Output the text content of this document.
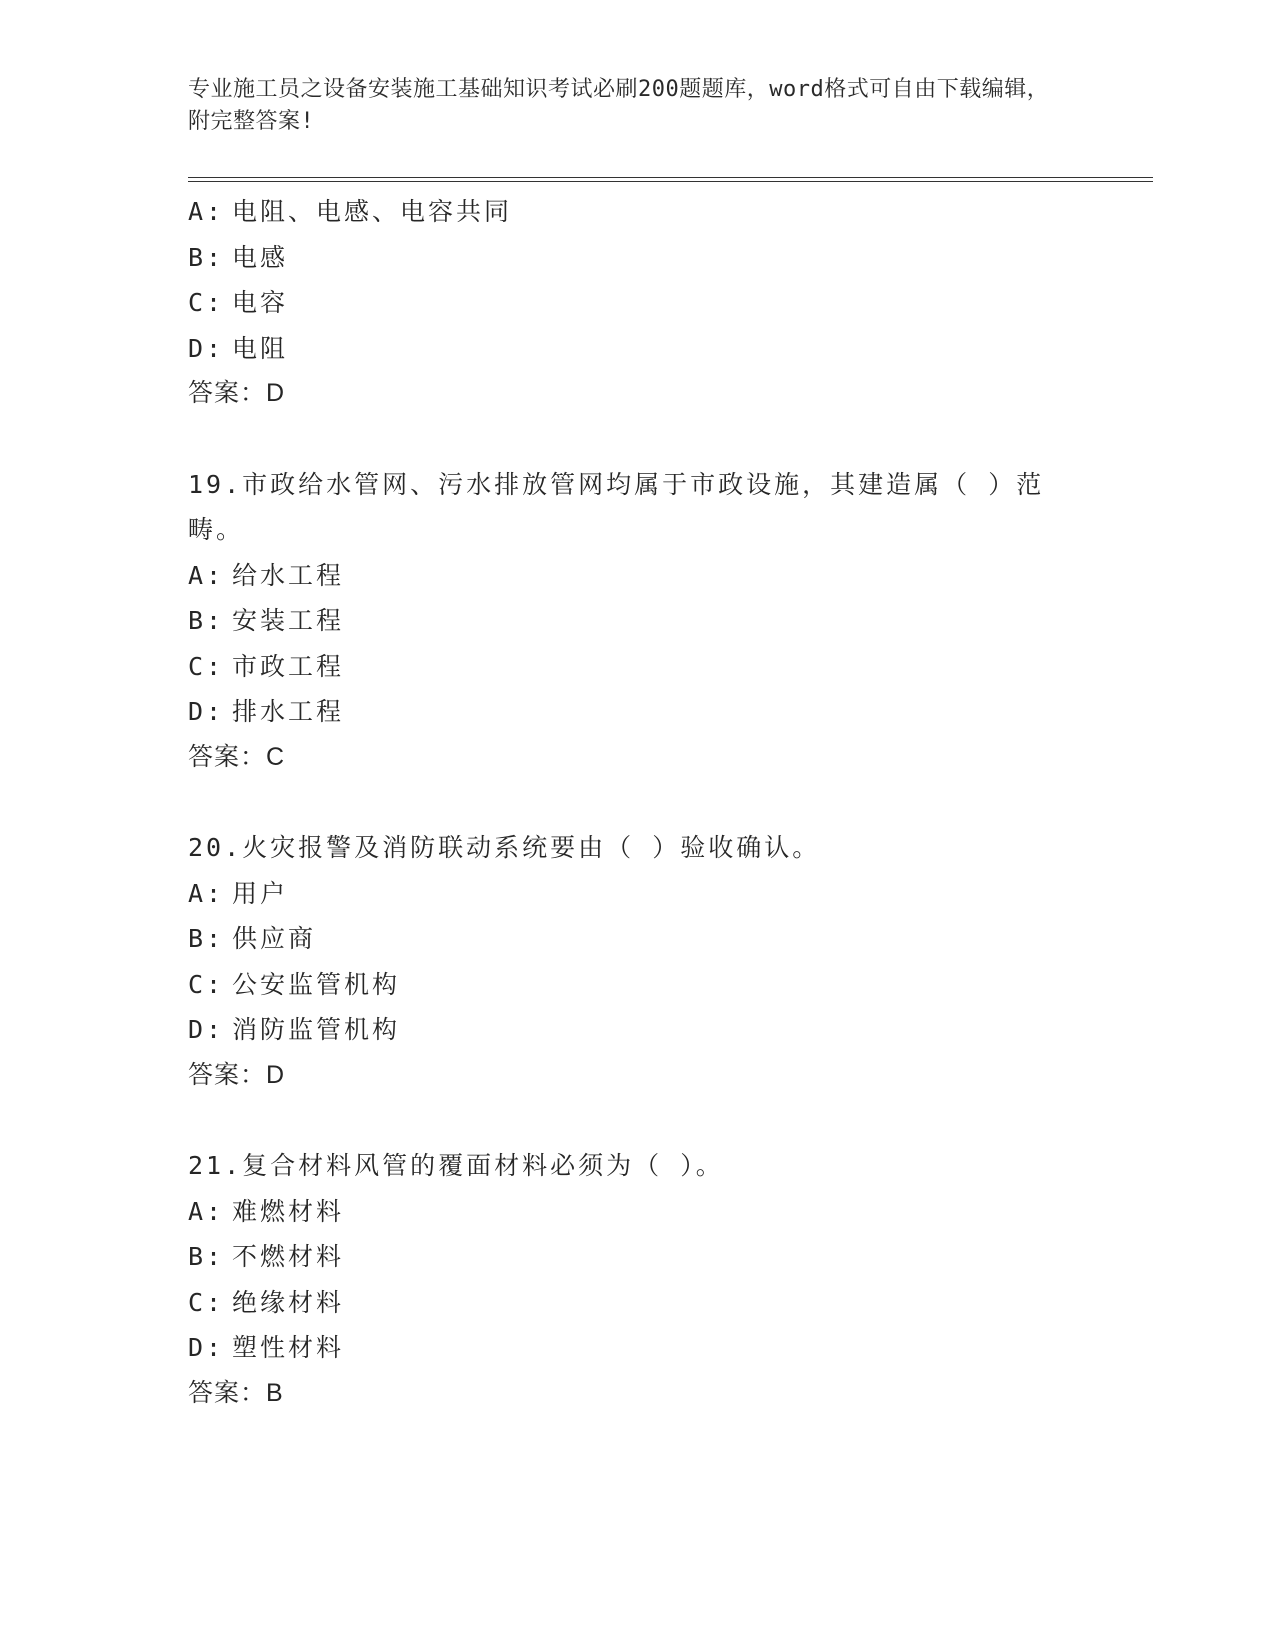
专业施工员之设备安装施工基础知识考试必刷200题题库，word格式可自由下载编辑，附完整答案!
A: 电阻、电感、电容共同
B: 电感
C: 电容
D: 电阻
答案：D
19.市政给水管网、污水排放管网均属于市政设施，其建造属（ ）范畴。
A: 给水工程
B: 安装工程
C: 市政工程
D: 排水工程
答案：C
20.火灾报警及消防联动系统要由（ ）验收确认。
A: 用户
B: 供应商
C: 公安监管机构
D: 消防监管机构
答案：D
21.复合材料风管的覆面材料必须为（ ）。
A: 难燃材料
B: 不燃材料
C: 绝缘材料
D: 塑性材料
答案：B
